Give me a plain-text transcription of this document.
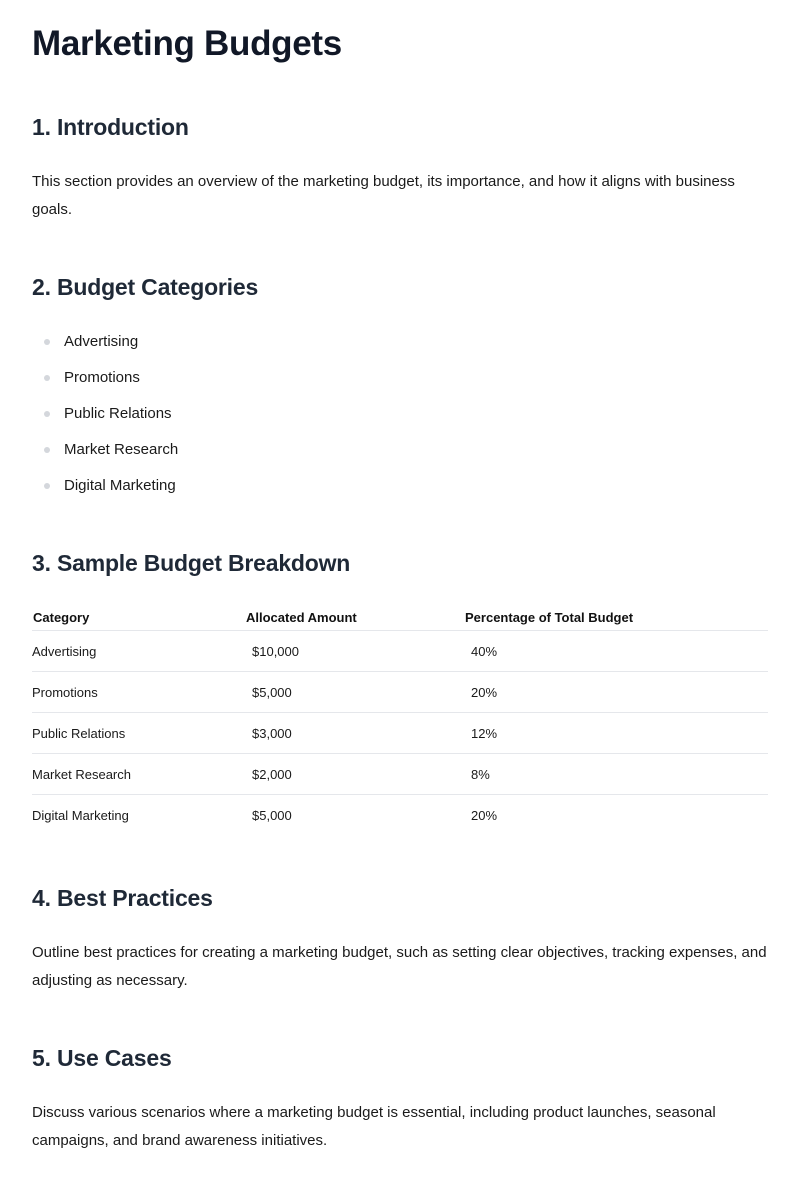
Marketing Budgets
1. Introduction

This section provides an overview of the marketing budget, its importance, and how it aligns with business goals.

2. Budget Categories
Advertising
Promotions
Public Relations
Market Research
Digital Marketing
3. Sample Budget Breakdown
Category	Allocated Amount	Percentage of Total Budget
Advertising	$10,000	40%
Promotions	$5,000	20%
Public Relations	$3,000	12%
Market Research	$2,000	8%
Digital Marketing	$5,000	20%
4. Best Practices

Outline best practices for creating a marketing budget, such as setting clear objectives, tracking expenses, and adjusting as necessary.

5. Use Cases

Discuss various scenarios where a marketing budget is essential, including product launches, seasonal campaigns, and brand awareness initiatives.
